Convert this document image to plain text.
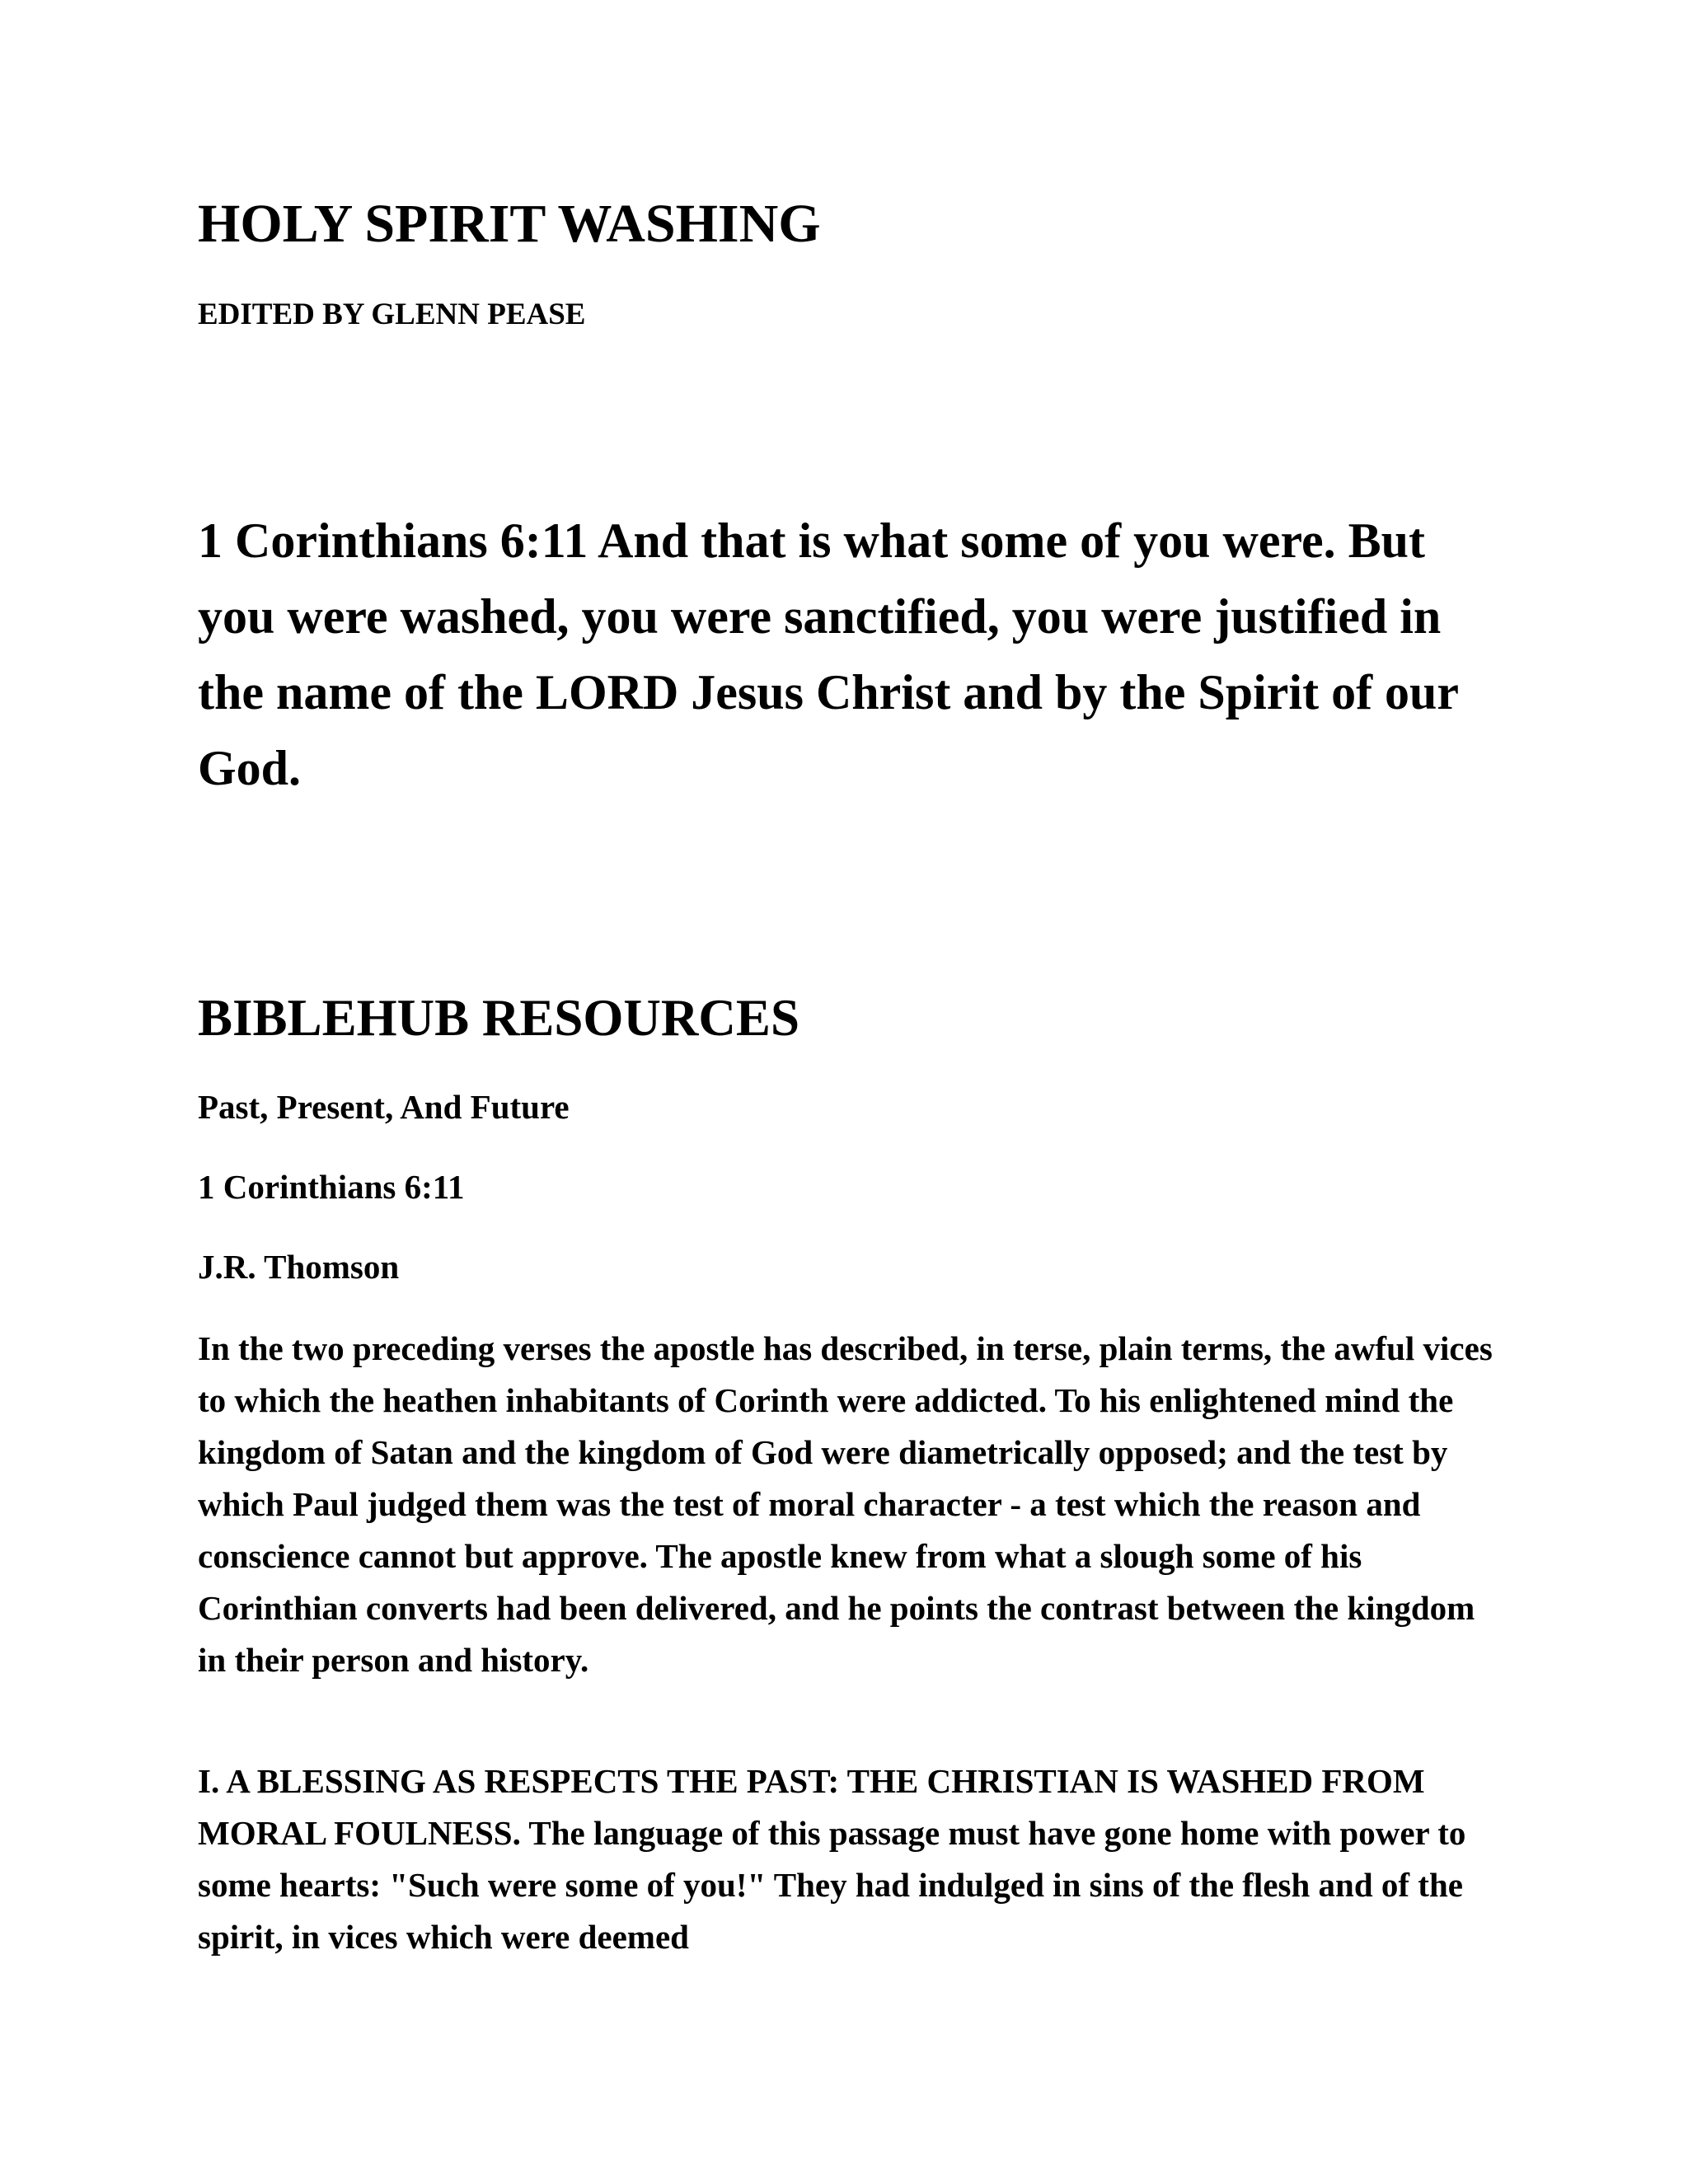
HOLY SPIRIT WASHING

EDITED BY GLENN PEASE

1 Corinthians 6:11 And that is what some of you were. But you were washed, you were sanctified, you were justified in the name of the LORD Jesus Christ and by the Spirit of our God.

BIBLEHUB RESOURCES

Past, Present, And Future

1 Corinthians 6:11

J.R. Thomson

In the two preceding verses the apostle has described, in terse, plain terms, the awful vices to which the heathen inhabitants of Corinth were addicted. To his enlightened mind the kingdom of Satan and the kingdom of God were diametrically opposed; and the test by which Paul judged them was the test of moral character - a test which the reason and conscience cannot but approve. The apostle knew from what a slough some of his Corinthian converts had been delivered, and he points the contrast between the kingdom in their person and history.

I. A BLESSING AS RESPECTS THE PAST: THE CHRISTIAN IS WASHED FROM MORAL FOULNESS. The language of this passage must have gone home with power to some hearts: "Such were some of you!" They had indulged in sins of the flesh and of the spirit, in vices which were deemed
